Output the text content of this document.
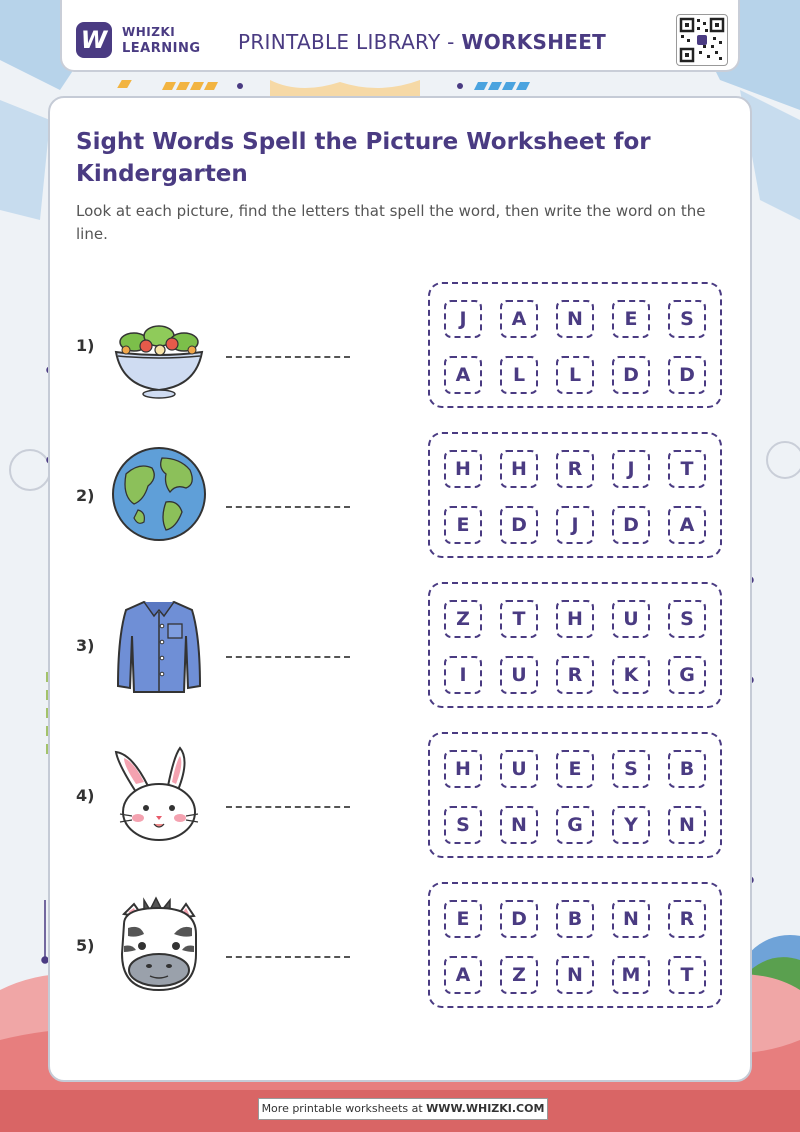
W	WHIZKI
LEARNING PRINTABLE LIBRARY - WORKSHEET
Sight Words Spell the Picture Worksheet for Kindergarten

Look at each picture, find the letters that spell the word, then write the word on the line.

1)
J	A	N	E	S
A	L	L	D	D
2)
H	H	R	J	T
E	D	J	D	A
3)
Z	T	H	U	S
I	U	R	K	G
4)
H	U	E	S	B
S	N	G	Y	N
5)
E	D	B	N	R
A	Z	N	M	T
More printable worksheets at WWW.WHIZKI.COM
